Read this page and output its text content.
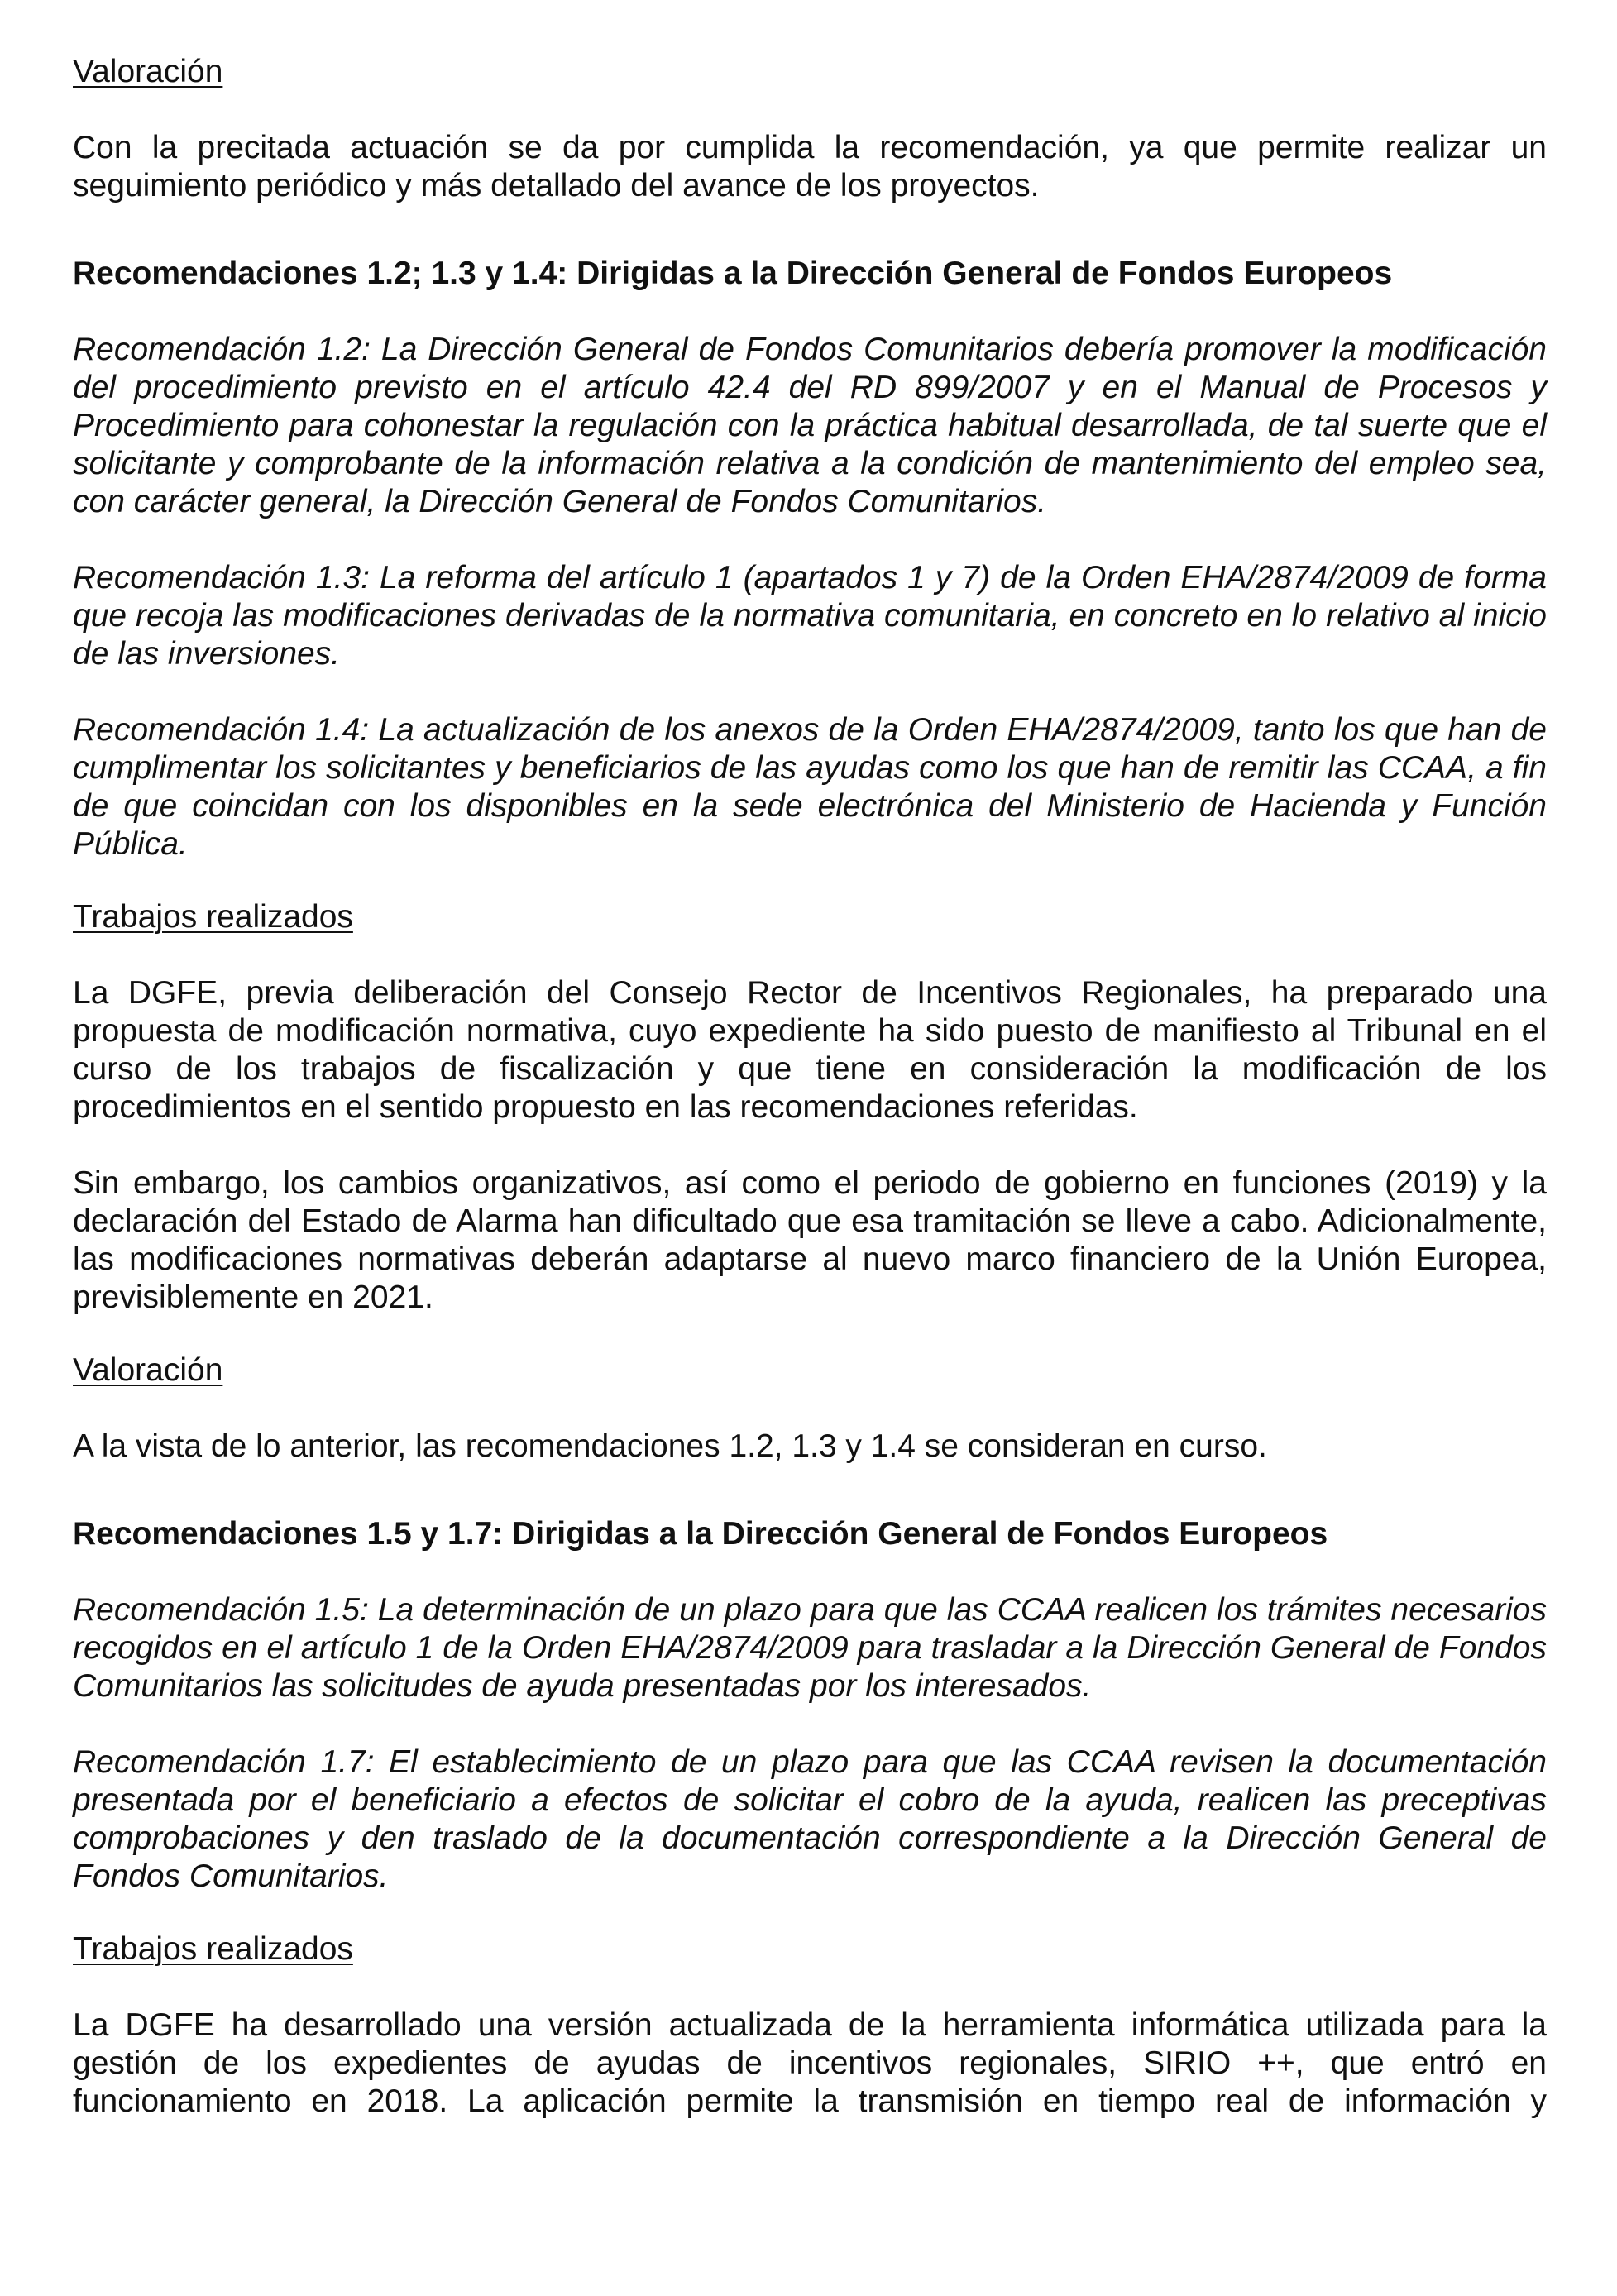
Valoración

Con la precitada actuación se da por cumplida la recomendación, ya que permite realizar un seguimiento periódico y más detallado del avance de los proyectos.

Recomendaciones 1.2; 1.3 y 1.4: Dirigidas a la Dirección General de Fondos Europeos

Recomendación 1.2: La Dirección General de Fondos Comunitarios debería promover la modificación del procedimiento previsto en el artículo 42.4 del RD 899/2007 y en el Manual de Procesos y Procedimiento para cohonestar la regulación con la práctica habitual desarrollada, de tal suerte que el solicitante y comprobante de la información relativa a la condición de mantenimiento del empleo sea, con carácter general, la Dirección General de Fondos Comunitarios.

Recomendación 1.3: La reforma del artículo 1 (apartados 1 y 7) de la Orden EHA/2874/2009 de forma que recoja las modificaciones derivadas de la normativa comunitaria, en concreto en lo relativo al inicio de las inversiones.

Recomendación 1.4: La actualización de los anexos de la Orden EHA/2874/2009, tanto los que han de cumplimentar los solicitantes y beneficiarios de las ayudas como los que han de remitir las CCAA, a fin de que coincidan con los disponibles en la sede electrónica del Ministerio de Hacienda y Función Pública.

Trabajos realizados

La DGFE, previa deliberación del Consejo Rector de Incentivos Regionales, ha preparado una propuesta de modificación normativa, cuyo expediente ha sido puesto de manifiesto al Tribunal en el curso de los trabajos de fiscalización y que tiene en consideración la modificación de los procedimientos en el sentido propuesto en las recomendaciones referidas.

Sin embargo, los cambios organizativos, así como el periodo de gobierno en funciones (2019) y la declaración del Estado de Alarma han dificultado que esa tramitación se lleve a cabo. Adicionalmente, las modificaciones normativas deberán adaptarse al nuevo marco financiero de la Unión Europea, previsiblemente en 2021.

Valoración

A la vista de lo anterior, las recomendaciones 1.2, 1.3 y 1.4 se consideran en curso.

Recomendaciones 1.5 y 1.7: Dirigidas a la Dirección General de Fondos Europeos

Recomendación 1.5: La determinación de un plazo para que las CCAA realicen los trámites necesarios recogidos en el artículo 1 de la Orden EHA/2874/2009 para trasladar a la Dirección General de Fondos Comunitarios las solicitudes de ayuda presentadas por los interesados.

Recomendación 1.7: El establecimiento de un plazo para que las CCAA revisen la documentación presentada por el beneficiario a efectos de solicitar el cobro de la ayuda, realicen las preceptivas comprobaciones y den traslado de la documentación correspondiente a la Dirección General de Fondos Comunitarios.

Trabajos realizados

La DGFE ha desarrollado una versión actualizada de la herramienta informática utilizada para la gestión de los expedientes de ayudas de incentivos regionales, SIRIO ++, que entró en funcionamiento en 2018. La aplicación permite la transmisión en tiempo real de información y
